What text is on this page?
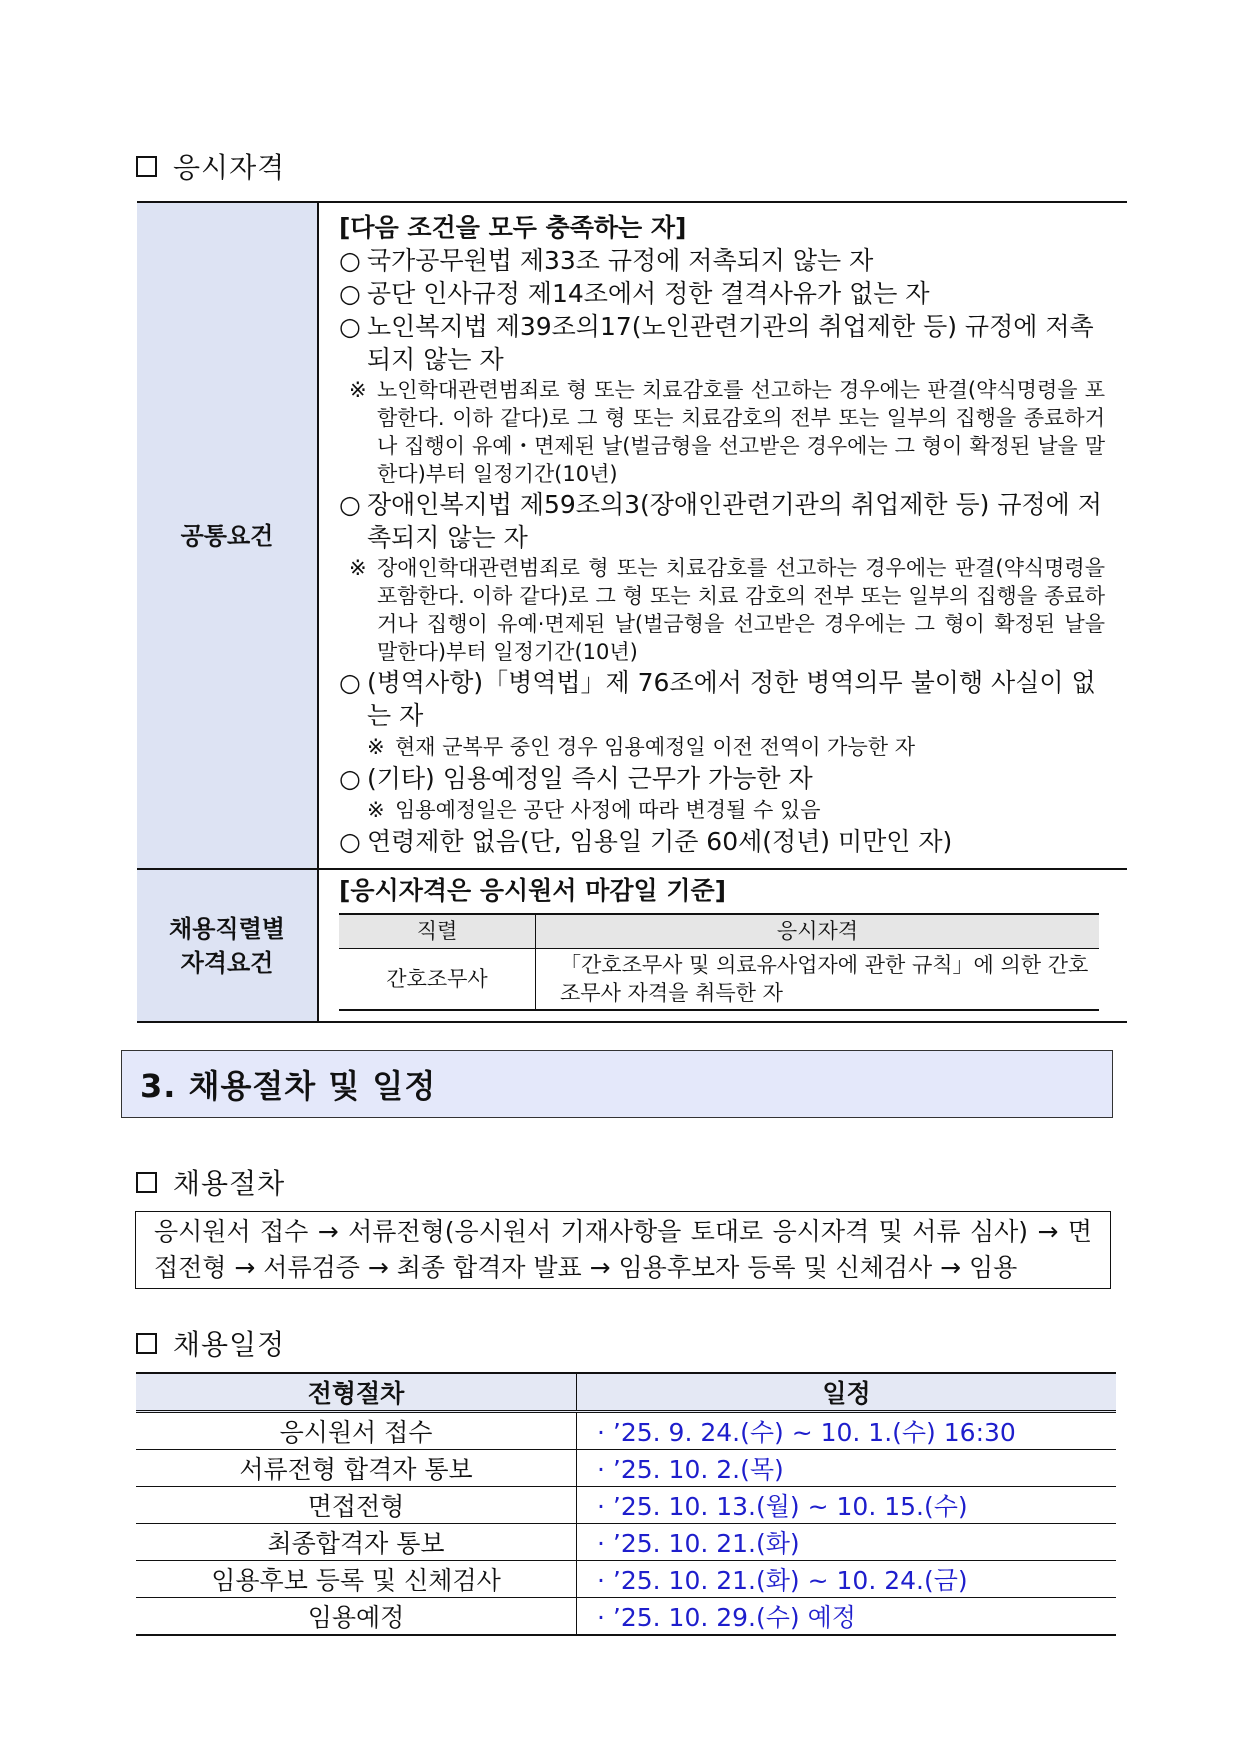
응시자격
공통요건
[다음 조건을 모두 충족하는 자]
○ 국가공무원법 제33조 규정에 저촉되지 않는 자
○ 공단 인사규정 제14조에서 정한 결격사유가 없는 자
○ 노인복지법 제39조의17(노인관련기관의 취업제한 등) 규정에 저촉되지 않는 자
※ 노인학대관련범죄로 형 또는 치료감호를 선고하는 경우에는 판결(약식명령을 포함한다. 이하 같다)로 그 형 또는 치료감호의 전부 또는 일부의 집행을 종료하거나 집행이 유예・면제된 날(벌금형을 선고받은 경우에는 그 형이 확정된 날을 말한다)부터 일정기간(10년)
○ 장애인복지법 제59조의3(장애인관련기관의 취업제한 등) 규정에 저촉되지 않는 자
※ 장애인학대관련범죄로 형 또는 치료감호를 선고하는 경우에는 판결(약식명령을 포함한다. 이하 같다)로 그 형 또는 치료 감호의 전부 또는 일부의 집행을 종료하거나 집행이 유예·면제된 날(벌금형을 선고받은 경우에는 그 형이 확정된 날을 말한다)부터 일정기간(10년)
○ (병역사항)「병역법」제 76조에서 정한 병역의무 불이행 사실이 없는 자
※ 현재 군복무 중인 경우 임용예정일 이전 전역이 가능한 자
○ (기타) 임용예정일 즉시 근무가 가능한 자
※ 임용예정일은 공단 사정에 따라 변경될 수 있음
○ 연령제한 없음(단, 임용일 기준 60세(정년) 미만인 자)
채용직렬별
자격요건
[응시자격은 응시원서 마감일 기준]
직렬	응시자격
간호조무사	「간호조무사 및 의료유사업자에 관한 규칙」에 의한 간호조무사 자격을 취득한 자
3. 채용절차 및 일정
채용절차
응시원서 접수 → 서류전형(응시원서 기재사항을 토대로 응시자격 및 서류 심사) → 면접전형 → 서류검증 → 최종 합격자 발표 → 임용후보자 등록 및 신체검사 → 임용
채용일정
전형절차	일정
응시원서 접수	· ’25. 9. 24.(수) ~ 10. 1.(수) 16:30
서류전형 합격자 통보	· ’25. 10. 2.(목)
면접전형	· ’25. 10. 13.(월) ~ 10. 15.(수)
최종합격자 통보	· ’25. 10. 21.(화)
임용후보 등록 및 신체검사	· ’25. 10. 21.(화) ~ 10. 24.(금)
임용예정	· ’25. 10. 29.(수) 예정
